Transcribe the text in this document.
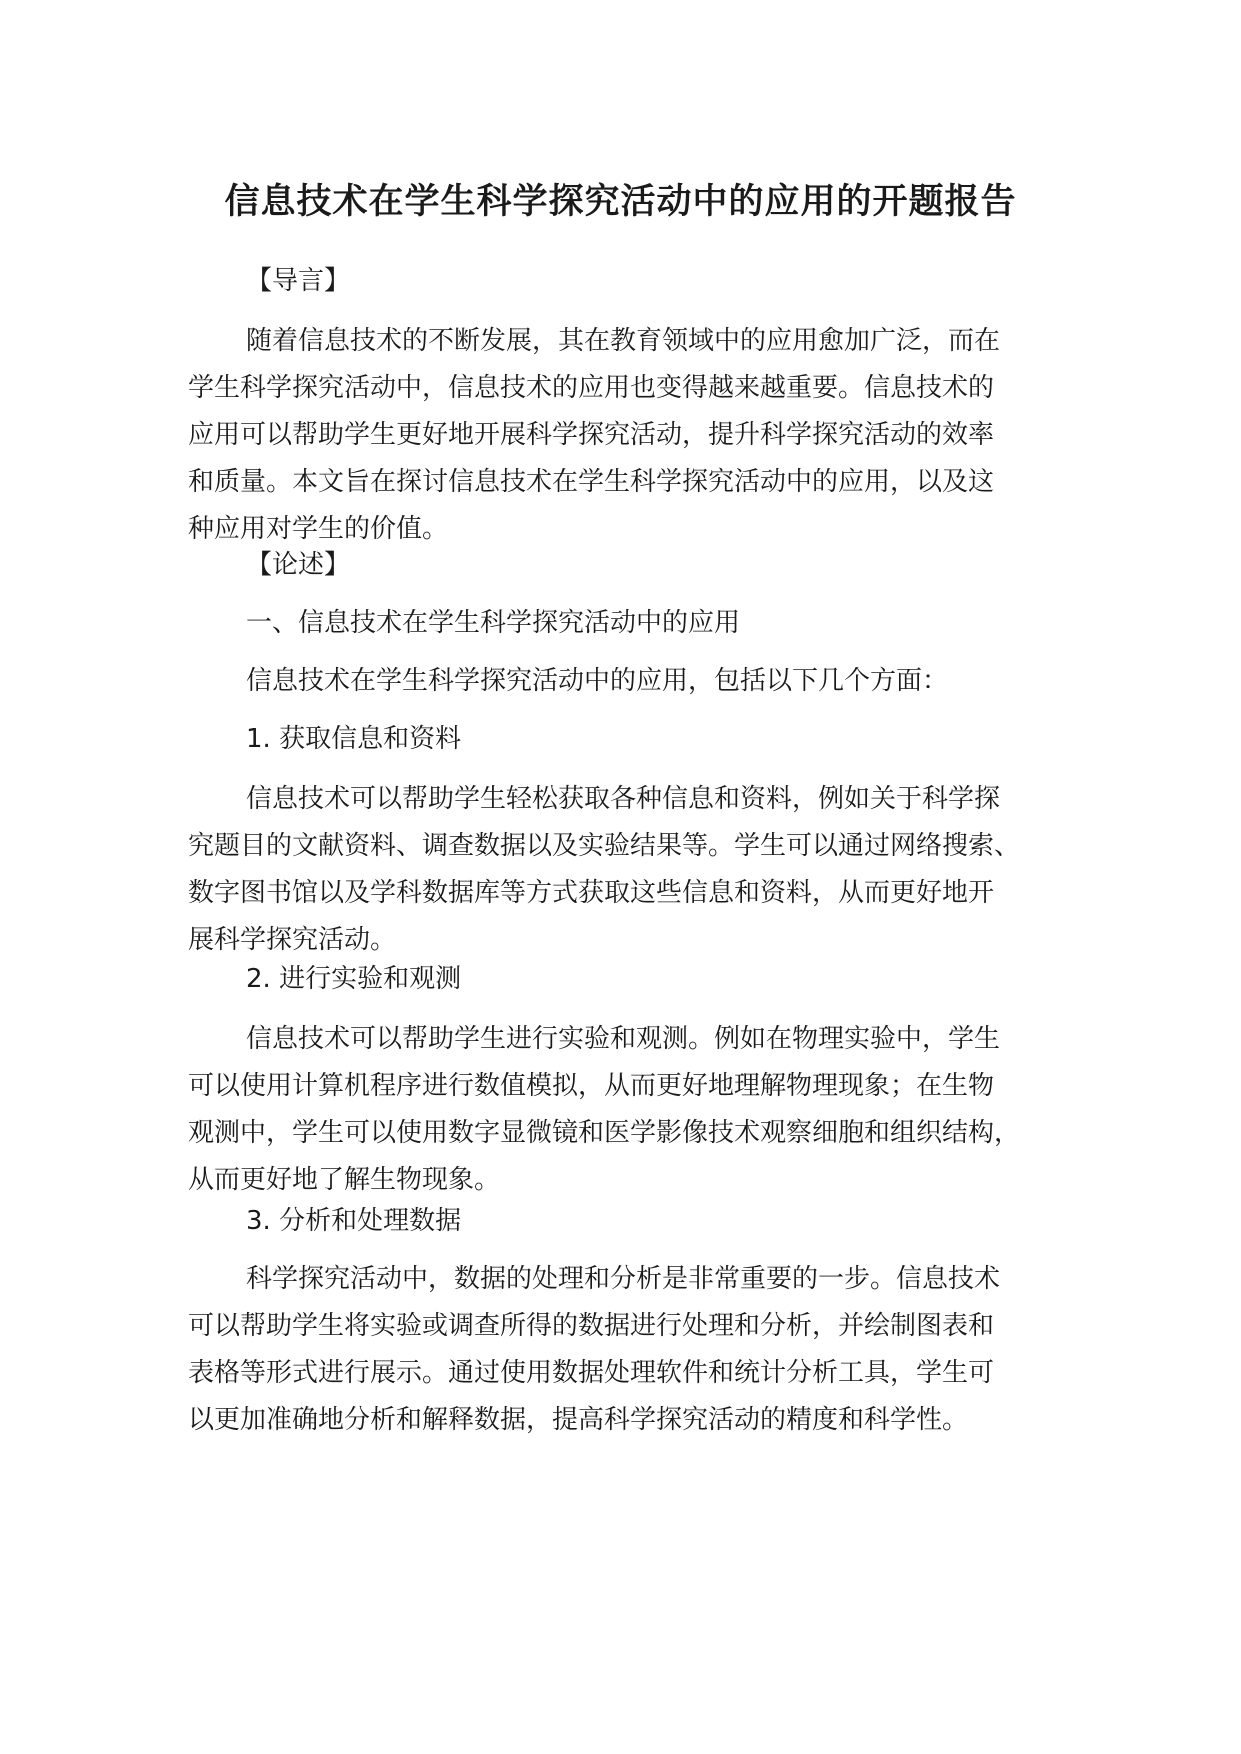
信息技术在学生科学探究活动中的应用的开题报告

【导言】

随着信息技术的不断发展，其在教育领域中的应用愈加广泛，而在
学生科学探究活动中，信息技术的应用也变得越来越重要。信息技术的
应用可以帮助学生更好地开展科学探究活动，提升科学探究活动的效率
和质量。本文旨在探讨信息技术在学生科学探究活动中的应用，以及这
种应用对学生的价值。

【论述】

一、信息技术在学生科学探究活动中的应用

信息技术在学生科学探究活动中的应用，包括以下几个方面：

1. 获取信息和资料

信息技术可以帮助学生轻松获取各种信息和资料，例如关于科学探
究题目的文献资料、调查数据以及实验结果等。学生可以通过网络搜索、
数字图书馆以及学科数据库等方式获取这些信息和资料，从而更好地开
展科学探究活动。

2. 进行实验和观测

信息技术可以帮助学生进行实验和观测。例如在物理实验中，学生
可以使用计算机程序进行数值模拟，从而更好地理解物理现象；在生物
观测中，学生可以使用数字显微镜和医学影像技术观察细胞和组织结构，
从而更好地了解生物现象。

3. 分析和处理数据

科学探究活动中，数据的处理和分析是非常重要的一步。信息技术
可以帮助学生将实验或调查所得的数据进行处理和分析，并绘制图表和
表格等形式进行展示。通过使用数据处理软件和统计分析工具，学生可
以更加准确地分析和解释数据，提高科学探究活动的精度和科学性。
